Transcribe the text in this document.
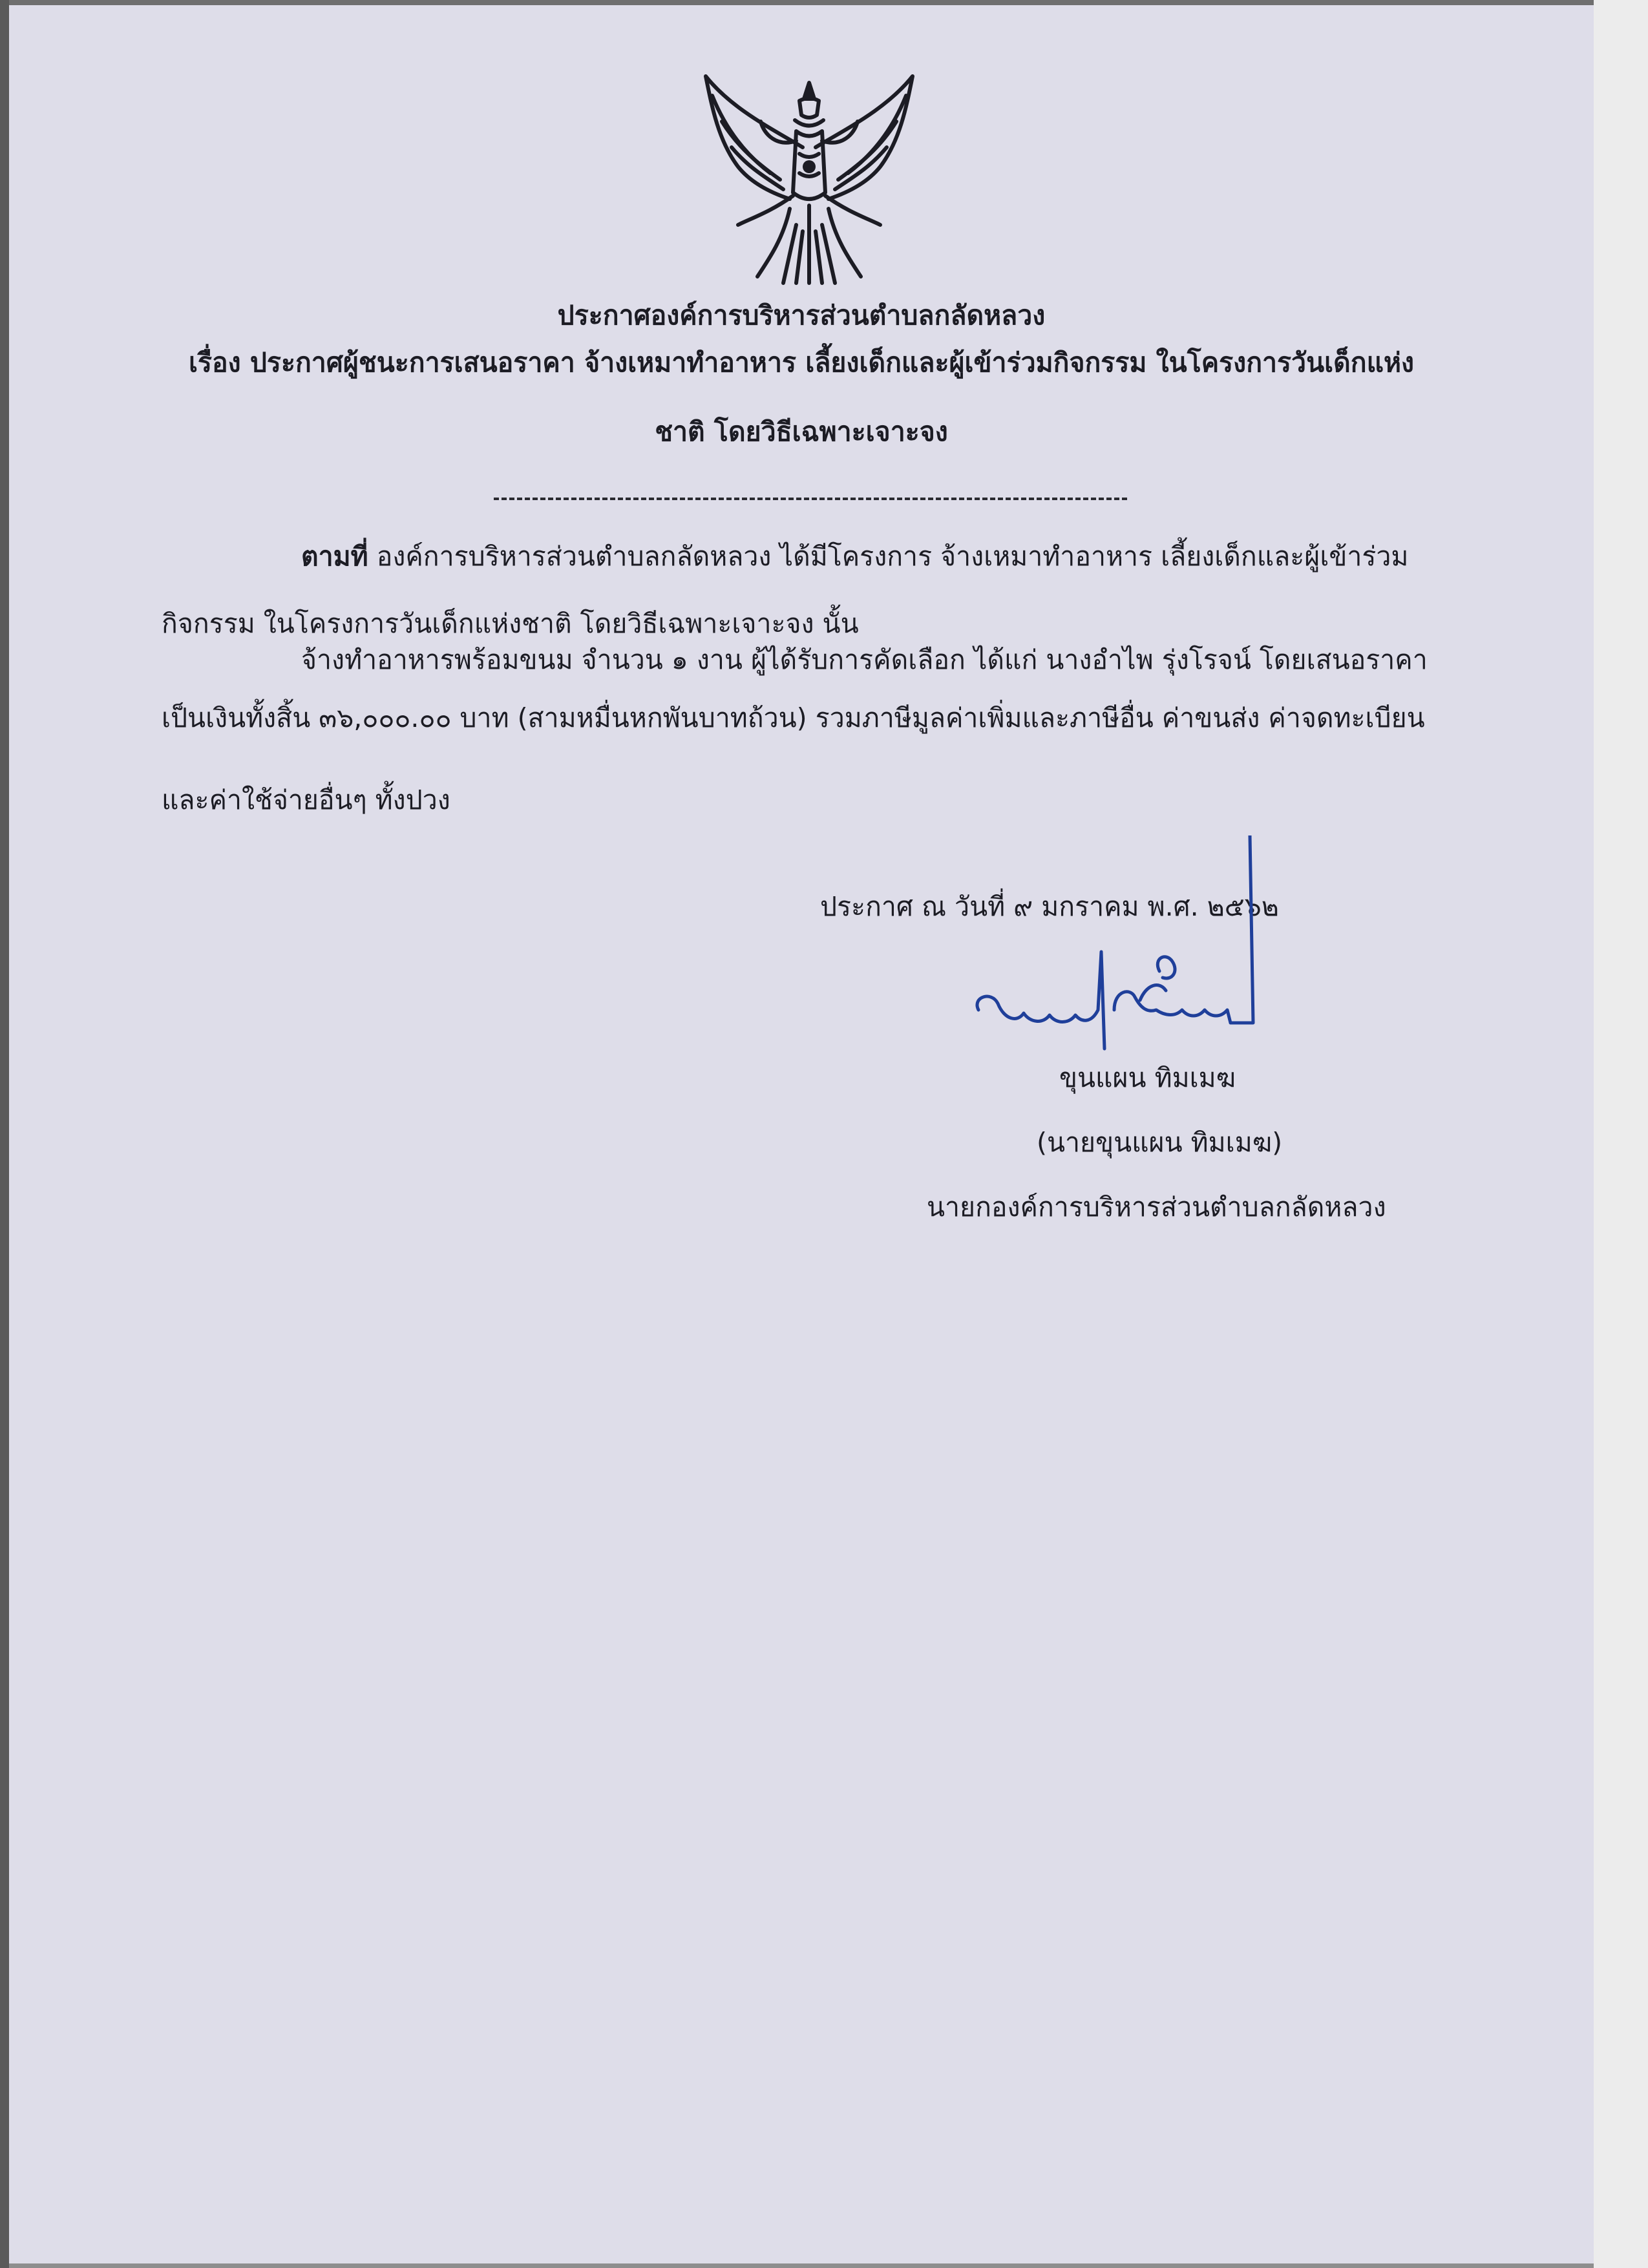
ประกาศองค์การบริหารส่วนตำบลกลัดหลวง
เรื่อง ประกาศผู้ชนะการเสนอราคา จ้างเหมาทำอาหาร เลี้ยงเด็กและผู้เข้าร่วมกิจกรรม ในโครงการวันเด็กแห่ง
ชาติ โดยวิธีเฉพาะเจาะจง
ตามที่ องค์การบริหารส่วนตำบลกลัดหลวง ได้มีโครงการ จ้างเหมาทำอาหาร เลี้ยงเด็กและผู้เข้าร่วม
กิจกรรม ในโครงการวันเด็กแห่งชาติ โดยวิธีเฉพาะเจาะจง นั้น
จ้างทำอาหารพร้อมขนม จำนวน ๑ งาน ผู้ได้รับการคัดเลือก ได้แก่ นางอำไพ รุ่งโรจน์ โดยเสนอราคา
เป็นเงินทั้งสิ้น ๓๖,๐๐๐.๐๐ บาท (สามหมื่นหกพันบาทถ้วน) รวมภาษีมูลค่าเพิ่มและภาษีอื่น ค่าขนส่ง ค่าจดทะเบียน
และค่าใช้จ่ายอื่นๆ ทั้งปวง
ประกาศ ณ วันที่ ๙ มกราคม พ.ศ. ๒๕๖๒
ขุนแผน ทิมเมฆ
(นายขุนแผน ทิมเมฆ)
นายกองค์การบริหารส่วนตำบลกลัดหลวง
